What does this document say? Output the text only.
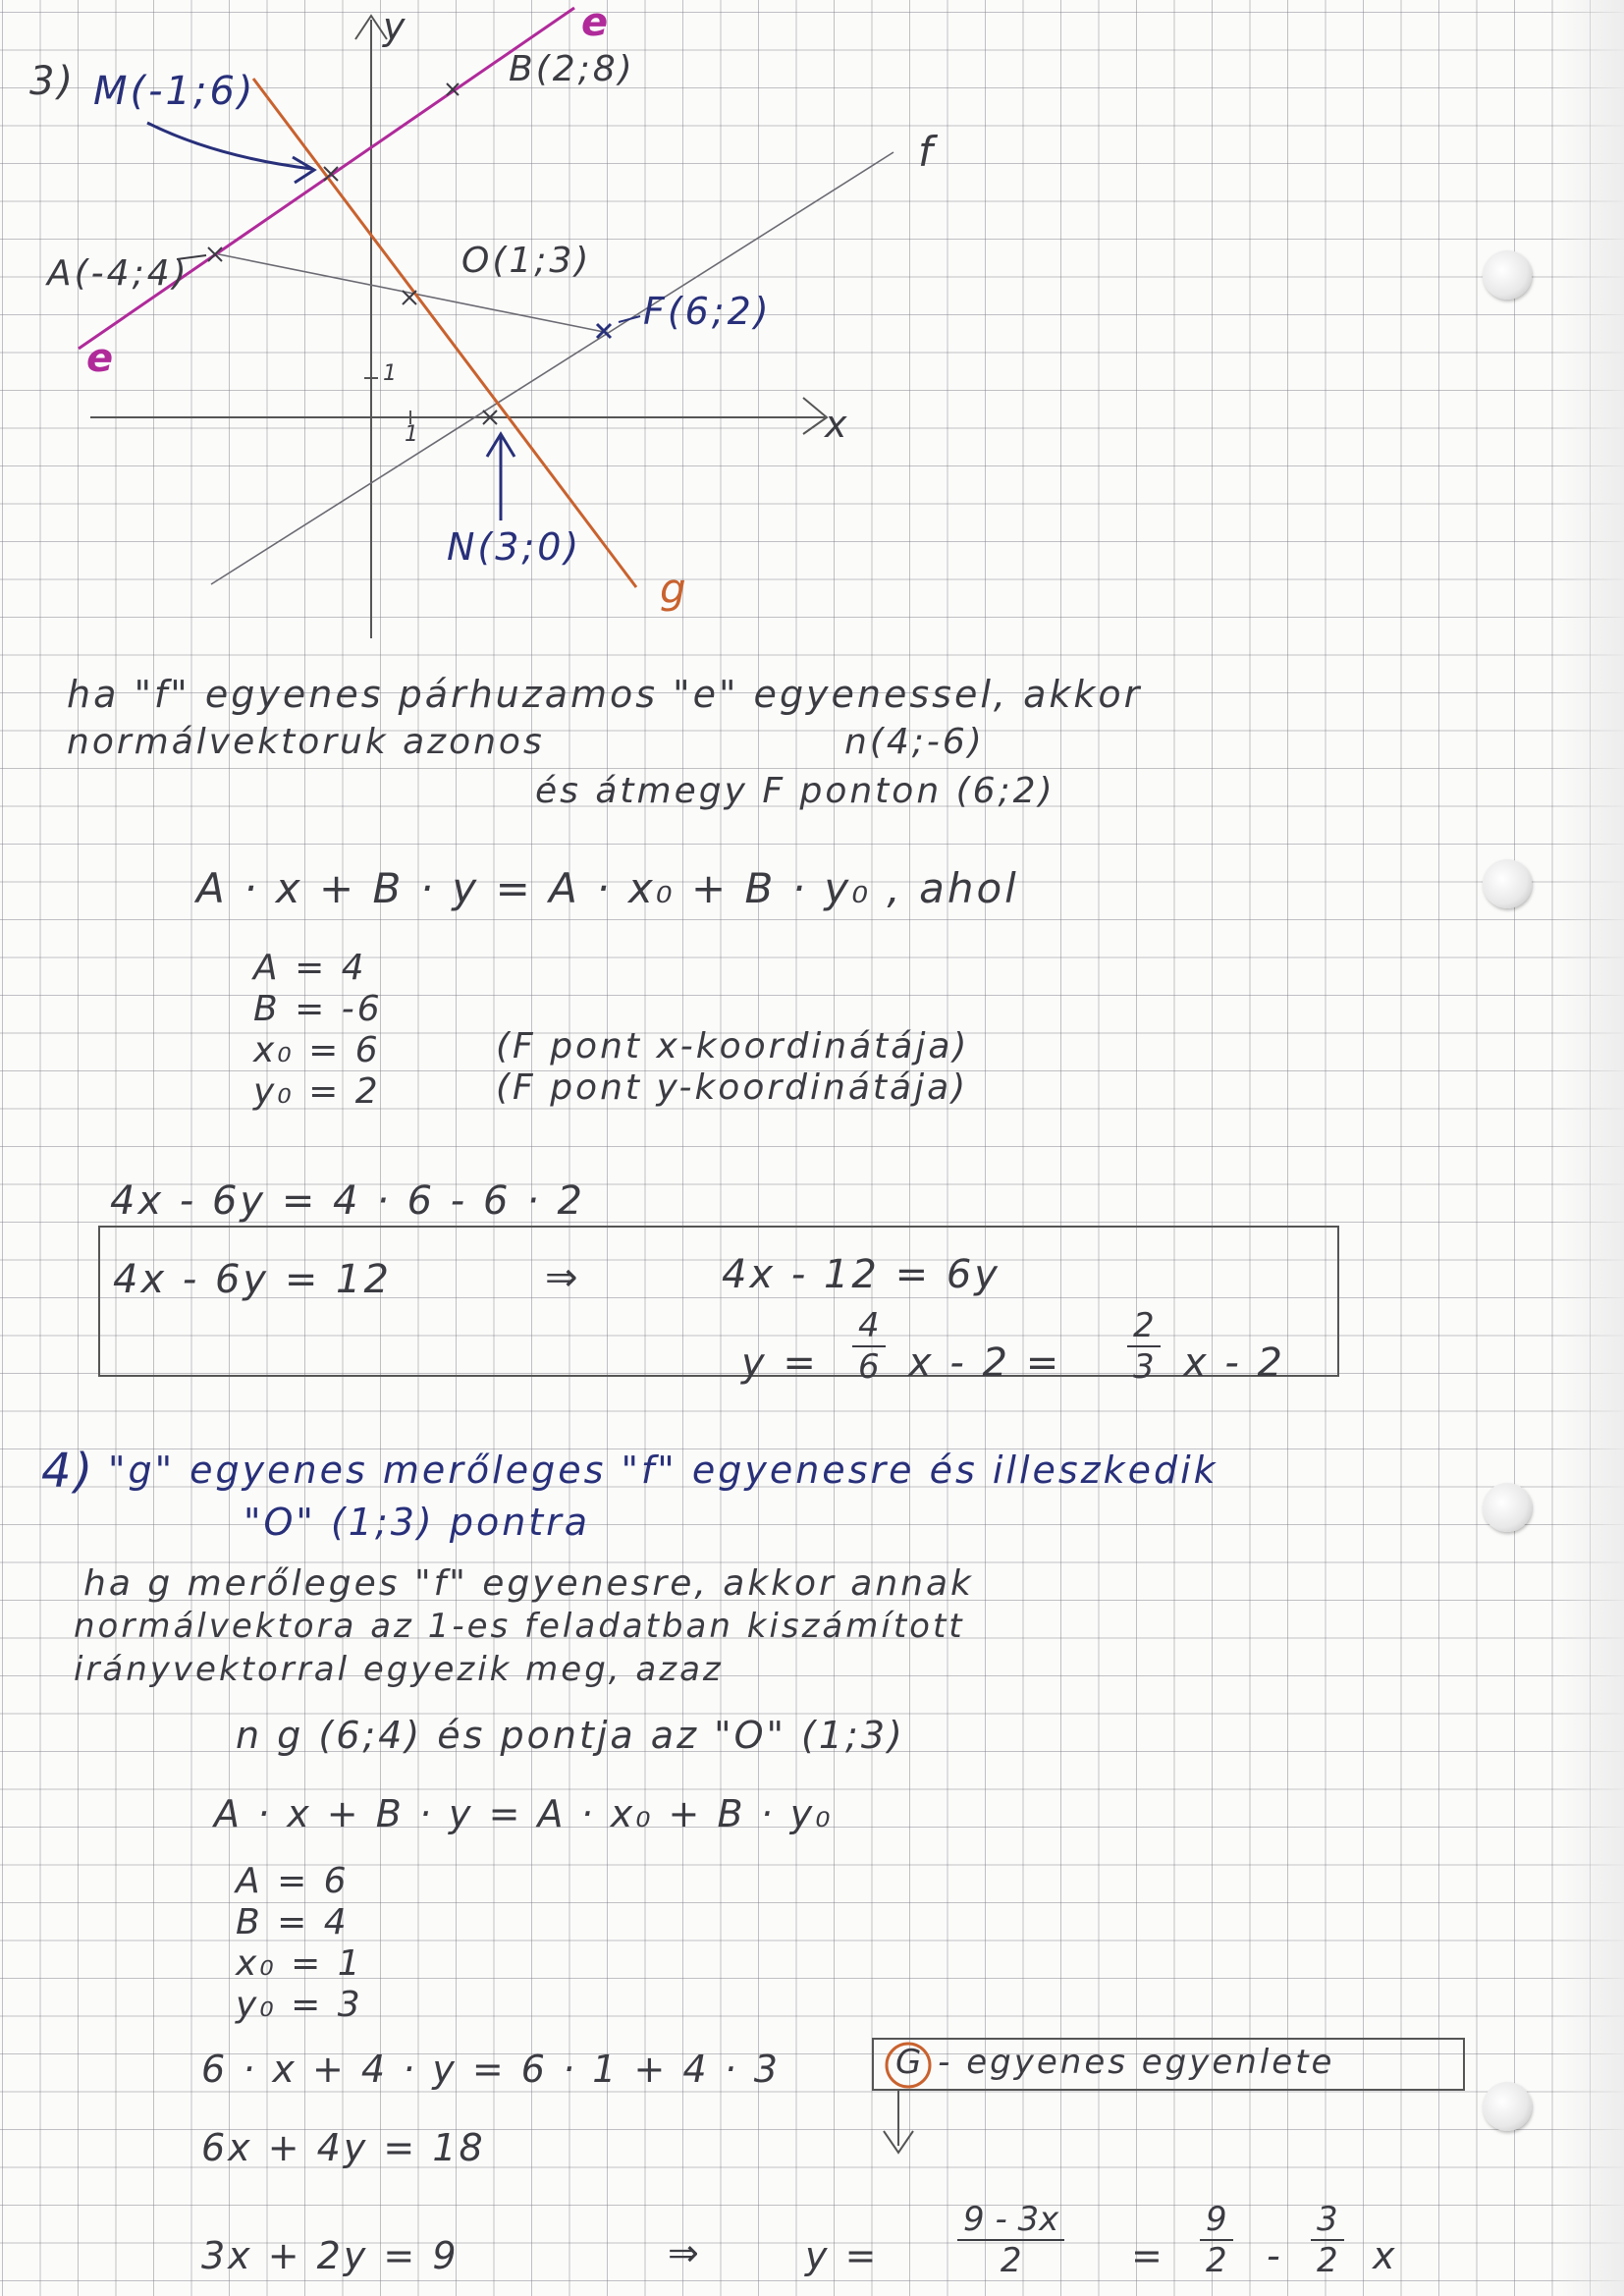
3)
y
x
1
1
e
e
f
g
M(-1;6)	B(2;8)
A(-4;4)	O(1;3)
F(6;2)
N(3;0)
ha "f" egyenes párhuzamos "e" egyenessel, akkor
normálvektoruk azonos	n(4;-6)
és átmegy F ponton (6;2)
A · x + B · y = A · x₀ + B · y₀ , ahol
A = 4
B = -6
x₀ = 6
y₀ = 2
(F pont x-koordinátája)
(F pont y-koordinátája)
4x - 6y = 4 · 6 - 6 · 2
4x - 6y = 12	⇒	4x - 12 = 6y
$y = \frac{4}{6}$ $x - 2 = \frac{2}{3}$ x - 2
4) "g" egyenes merőleges "f" egyenesre és illeszkedik
"O" (1;3) pontra
ha g merőleges "f" egyenesre, akkor annak
normálvektora az 1-es feladatban kiszámított
irányvektorral egyezik meg, azaz
n g (6;4) és pontja az "O" (1;3)
A · x + B · y = A · x₀ + B · y₀
A = 6
B = 4
x₀ = 1
y₀ = 3
6 · x + 4 · y = 6 · 1 + 4 · 3	G - egyenes egyenlete
6x + 4y = 18
3x + 2y = 9	⇒	$y = \frac{9 - 3x}{2} = \frac{9}{2} - \frac{3}{2}$ x
